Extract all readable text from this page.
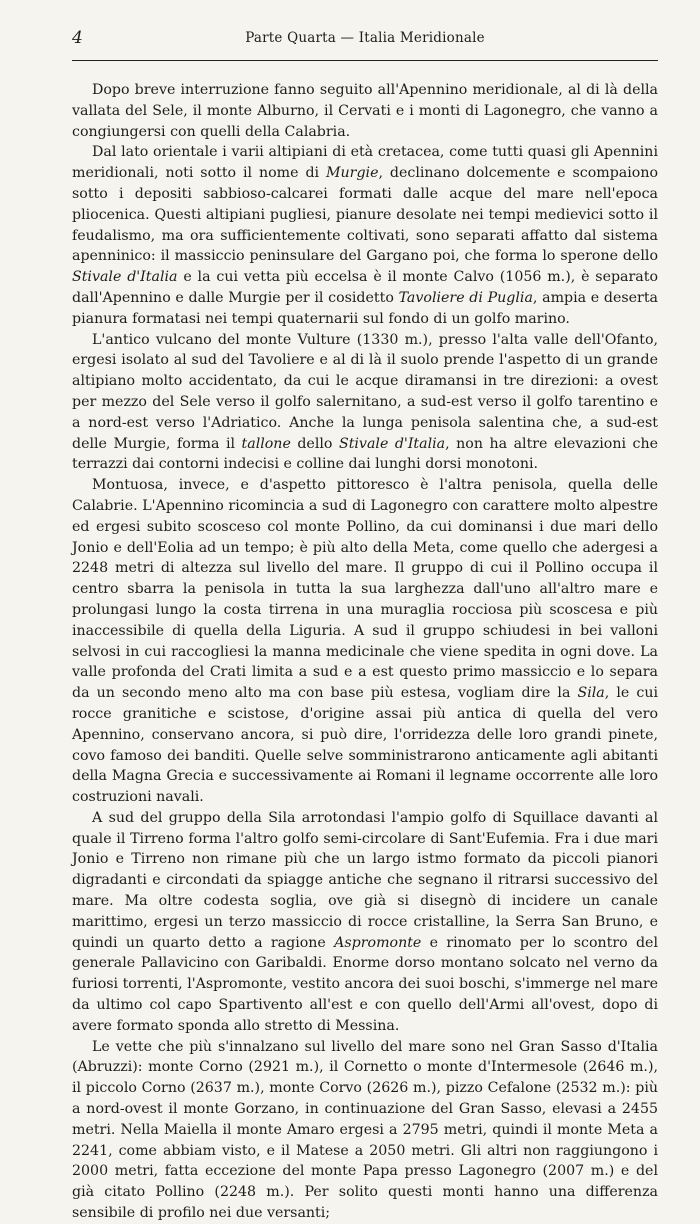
4	Parte Quarta — Italia Meridionale

Dopo breve interruzione fanno seguito all'Apennino meridionale, al di là della vallata del Sele, il monte Alburno, il Cervati e i monti di Lagonegro, che vanno a congiungersi con quelli della Calabria.

Dal lato orientale i varii altipiani di età cretacea, come tutti quasi gli Apennini meridionali, noti sotto il nome di Murgie, declinano dolcemente e scompaiono sotto i depositi sabbioso-calcarei formati dalle acque del mare nell'epoca pliocenica. Questi altipiani pugliesi, pianure desolate nei tempi medievici sotto il feudalismo, ma ora sufficientemente coltivati, sono separati affatto dal sistema apenninico: il massiccio peninsulare del Gargano poi, che forma lo sperone dello Stivale d'Italia e la cui vetta più eccelsa è il monte Calvo (1056 m.), è separato dall'Apennino e dalle Murgie per il cosidetto Tavoliere di Puglia, ampia e deserta pianura formatasi nei tempi quaternarii sul fondo di un golfo marino.

L'antico vulcano del monte Vulture (1330 m.), presso l'alta valle dell'Ofanto, ergesi isolato al sud del Tavoliere e al di là il suolo prende l'aspetto di un grande altipiano molto accidentato, da cui le acque diramansi in tre direzioni: a ovest per mezzo del Sele verso il golfo salernitano, a sud-est verso il golfo tarentino e a nord-est verso l'Adriatico. Anche la lunga penisola salentina che, a sud-est delle Murgie, forma il tallone dello Stivale d'Italia, non ha altre elevazioni che terrazzi dai contorni indecisi e colline dai lunghi dorsi monotoni.

Montuosa, invece, e d'aspetto pittoresco è l'altra penisola, quella delle Calabrie. L'Apennino ricomincia a sud di Lagonegro con carattere molto alpestre ed ergesi subito scosceso col monte Pollino, da cui dominansi i due mari dello Jonio e dell'Eolia ad un tempo; è più alto della Meta, come quello che adergesi a 2248 metri di altezza sul livello del mare. Il gruppo di cui il Pollino occupa il centro sbarra la penisola in tutta la sua larghezza dall'uno all'altro mare e prolungasi lungo la costa tirrena in una muraglia rocciosa più scoscesa e più inaccessibile di quella della Liguria. A sud il gruppo schiudesi in bei valloni selvosi in cui raccogliesi la manna medicinale che viene spedita in ogni dove. La valle profonda del Crati limita a sud e a est questo primo massiccio e lo separa da un secondo meno alto ma con base più estesa, vogliam dire la Sila, le cui rocce granitiche e scistose, d'origine assai più antica di quella del vero Apennino, conservano ancora, si può dire, l'orridezza delle loro grandi pinete, covo famoso dei banditi. Quelle selve somministrarono anticamente agli abitanti della Magna Grecia e successivamente ai Romani il legname occorrente alle loro costruzioni navali.

A sud del gruppo della Sila arrotondasi l'ampio golfo di Squillace davanti al quale il Tirreno forma l'altro golfo semi-circolare di Sant'Eufemia. Fra i due mari Jonio e Tirreno non rimane più che un largo istmo formato da piccoli pianori digradanti e circondati da spiagge antiche che segnano il ritrarsi successivo del mare. Ma oltre codesta soglia, ove già si disegnò di incidere un canale marittimo, ergesi un terzo massiccio di rocce cristalline, la Serra San Bruno, e quindi un quarto detto a ragione Aspromonte e rinomato per lo scontro del generale Pallavicino con Garibaldi. Enorme dorso montano solcato nel verno da furiosi torrenti, l'Aspromonte, vestito ancora dei suoi boschi, s'immerge nel mare da ultimo col capo Spartivento all'est e con quello dell'Armi all'ovest, dopo di avere formato sponda allo stretto di Messina.

Le vette che più s'innalzano sul livello del mare sono nel Gran Sasso d'Italia (Abruzzi): monte Corno (2921 m.), il Cornetto o monte d'Intermesole (2646 m.), il piccolo Corno (2637 m.), monte Corvo (2626 m.), pizzo Cefalone (2532 m.): più a nord-ovest il monte Gorzano, in continuazione del Gran Sasso, elevasi a 2455 metri. Nella Maiella il monte Amaro ergesi a 2795 metri, quindi il monte Meta a 2241, come abbiam visto, e il Matese a 2050 metri. Gli altri non raggiungono i 2000 metri, fatta eccezione del monte Papa presso Lagonegro (2007 m.) e del già citato Pollino (2248 m.). Per solito questi monti hanno una differenza sensibile di profilo nei due versanti;
